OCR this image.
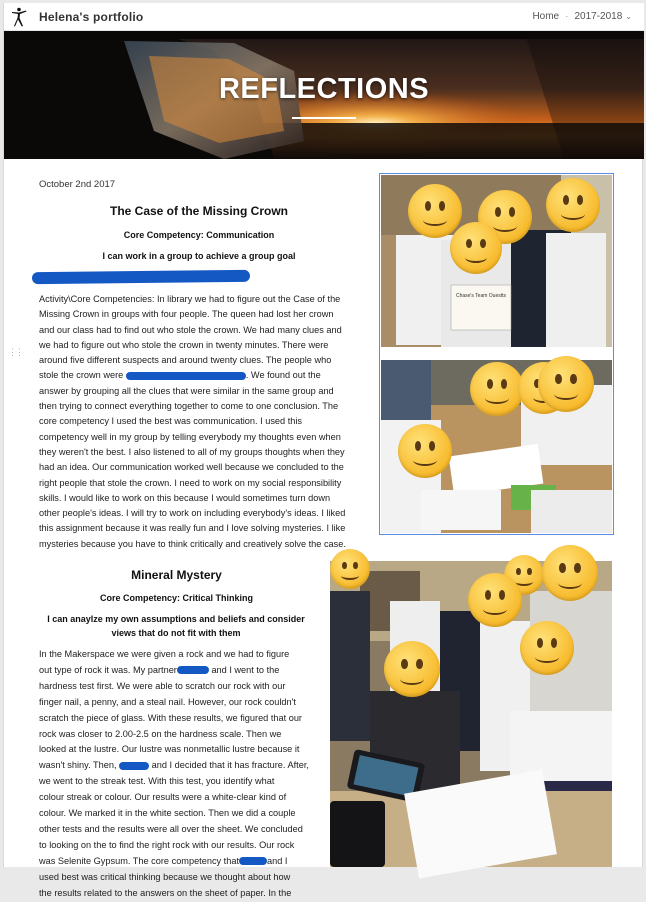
Helena's portfolio	Home · 2017-2018 ⌄
REFLECTIONS
⋮⋮
October 2nd 2017
The Case of the Missing Crown
Core Competency: Communication
I can work in a group to achieve a group goal
Activity\Core Competencies: In library we had to figure out the Case of the
Missing Crown in groups with four people. The queen had lost her crown
and our class had to find out who stole the crown. We had many clues and
we had to figure out who stole the crown in twenty minutes. There were
around five different suspects and around twenty clues. The people who
stole the crown were	. We found out the
answer by grouping all the clues that were similar in the same group and
then trying to connect everything together to come to one conclusion. The
core competency I used the best was communication. I used this
competency well in my group by telling everybody my thoughts even when
they weren't the best. I also listened to all of my groups thoughts when they
had an idea. Our communication worked well because we concluded to the
right people that stole the crown. I need to work on my social responsibility
skills. I would like to work on this because I would sometimes turn down
other people's ideas. I will try to work on including everybody's ideas. I liked
this assignment because it was really fun and I love solving mysteries. I like
mysteries because you have to think critically and creatively solve the case.
Chase's Team Ouestts
Mineral Mystery
Core Competency: Critical Thinking
I can anaylze my own assumptions and beliefs and consider
views that do not fit with them
In the Makerspace we were given a rock and we had to figure
out type of rock it was. My partner	and I went to the
hardness test first. We were able to scratch our rock with our
finger nail, a penny, and a steal nail. However, our rock couldn't
scratch the piece of glass. With these results, we figured that our
rock was closer to 2.00-2.5 on the hardness scale. Then we
looked at the lustre. Our lustre was nonmetallic lustre because it
wasn't shiny. Then,	and I decided that it has fracture. After,
we went to the streak test. With this test, you identify what
colour streak or colour. Our results were a white-clear kind of
colour. We marked it in the white section. Then we did a couple
other tests and the results were all over the sheet. We concluded
to looking on the to find the right rock with our results. Our rock
was Selenite Gypsum. The core competency that	and I
used best was critical thinking because we thought about how
the results related to the answers on the sheet of paper. In the
